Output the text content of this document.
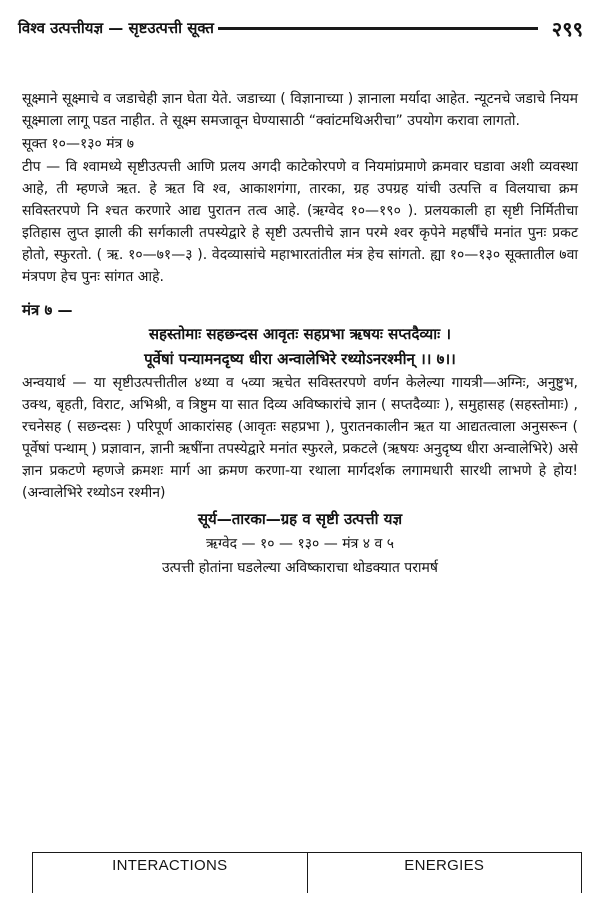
विश्व उत्पत्तीयज्ञ — सृष्टउत्पत्ती सूक्त	२९९

सूक्ष्माने सूक्ष्माचे व जडाचेही ज्ञान घेता येते. जडाच्या ( विज्ञानाच्या ) ज्ञानाला मर्यादा आहेत. न्यूटनचे जडाचे नियम सूक्ष्माला लागू पडत नाहीत. ते सूक्ष्म समजावून घेण्यासाठी “क्वांटमथिअरीचा” उपयोग करावा लागतो.

सूक्त १०—१३० मंत्र ७

टीप — वि श्वामध्ये सृष्टीउत्पत्ती आणि प्रलय अगदी काटेकोरपणे व नियमांप्रमाणे क्रमवार घडावा अशी व्यवस्था आहे, ती म्हणजे ऋत. हे ऋत वि श्व, आकाशगंगा, तारका, ग्रह उपग्रह यांची उत्पत्ति व विलयाचा क्रम सविस्तरपणे नि श्चत करणारे आद्य पुरातन तत्व आहे. (ऋग्वेद १०—१९० ). प्रलयकाली हा सृष्टी निर्मितीचा इतिहास लुप्त झाली की सर्गकाली तपस्येद्वारे हे सृष्टी उत्पत्तीचे ज्ञान परमे श्वर कृपेने महर्षींचे मनांत पुनः प्रकट होतो, स्फुरतो. ( ऋ. १०—७१—३ ). वेदव्यासांचे महाभारतांतील मंत्र हेच सांगतो. ह्या १०—१३० सूक्तातील ७वा मंत्रपण हेच पुनः सांगत आहे.

मंत्र ७ —
सहस्तोमाः सहछन्दस आवृतः सहप्रभा ऋषयः सप्तदैव्याः ।
पूर्वेषां पन्यामनदृष्य धीरा अन्वालेभिरे रथ्योऽनरश्मीन् ।। ७।।

अन्वयार्थ — या सृष्टीउत्पत्तीतील ४थ्या व ५व्या ऋचेत सविस्तरपणे वर्णन केलेल्या गायत्री—अग्निः, अनुष्टुभ, उक्थ, बृहती, विराट, अभिश्री, व त्रिष्टुम या सात दिव्य अविष्कारांचे ज्ञान ( सप्तदैव्याः ), समुहासह (सहस्तोमाः) , रचनेसह ( सछन्दसः ) परिपूर्ण आकारांसह (आवृतः सहप्रभा ), पुरातनकालीन ऋत या आद्यतत्वाला अनुसरून ( पूर्वेषां पन्थाम् ) प्रज्ञावान, ज्ञानी ऋषींना तपस्येद्वारे मनांत स्फुरले, प्रकटले (ऋषयः अनुदृष्य धीरा अन्वालेभिरे) असे ज्ञान प्रकटणे म्हणजे क्रमशः मार्ग आ क्रमण करणा-या रथाला मार्गदर्शक लगामधारी सारथी लाभणे हे होय! (अन्वालेभिरे रथ्योऽन रश्मीन)

सूर्य—तारका—ग्रह व सृष्टी उत्पत्ती यज्ञ
ऋग्वेद — १० — १३० — मंत्र ४ व ५
उत्पत्ती होतांना घडलेल्या अविष्काराचा थोडक्यात परामर्ष
INTERACTIONS	ENERGIES
